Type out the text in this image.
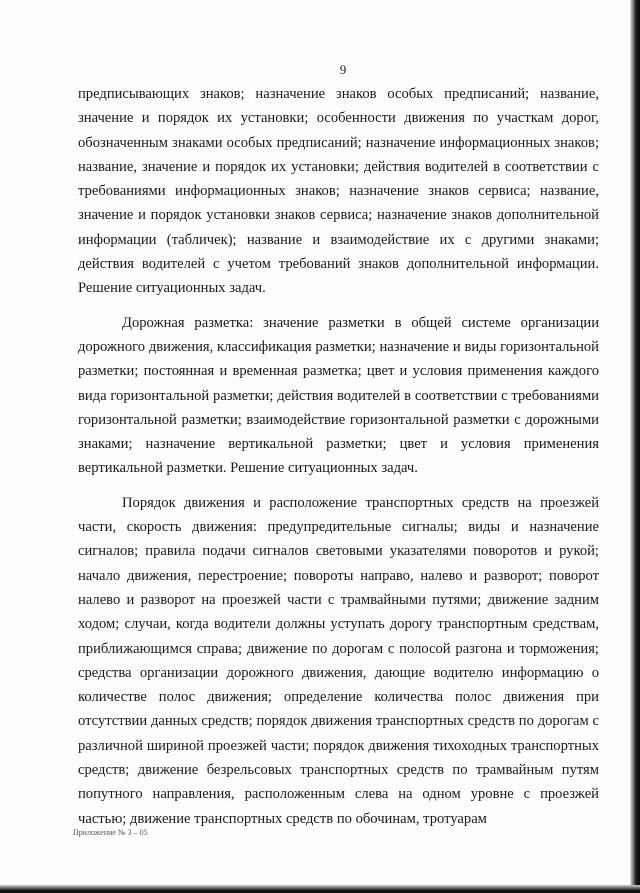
9

предписывающих знаков; назначение знаков особых предписаний; название, значение и порядок их установки; особенности движения по участкам дорог, обозначенным знаками особых предписаний; назначение информационных знаков; название, значение и порядок их установки; действия водителей в соответствии с требованиями информационных знаков; назначение знаков сервиса; название, значение и порядок установки знаков сервиса; назначение знаков дополнительной информации (табличек); название и взаимодействие их с другими знаками; действия водителей с учетом требований знаков дополнительной информации. Решение ситуационных задач.

Дорожная разметка: значение разметки в общей системе организации дорожного движения, классификация разметки; назначение и виды горизонтальной разметки; постоянная и временная разметка; цвет и условия применения каждого вида горизонтальной разметки; действия водителей в соответствии с требованиями горизонтальной разметки; взаимодействие горизонтальной разметки с дорожными знаками; назначение вертикальной разметки; цвет и условия применения вертикальной разметки. Решение ситуационных задач.

Порядок движения и расположение транспортных средств на проезжей части, скорость движения: предупредительные сигналы; виды и назначение сигналов; правила подачи сигналов световыми указателями поворотов и рукой; начало движения, перестроение; повороты направо, налево и разворот; поворот налево и разворот на проезжей части с трамвайными путями; движение задним ходом; случаи, когда водители должны уступать дорогу транспортным средствам, приближающимся справа; движение по дорогам с полосой разгона и торможения; средства организации дорожного движения, дающие водителю информацию о количестве полос движения; определение количества полос движения при отсутствии данных средств; порядок движения транспортных средств по дорогам с различной шириной проезжей части; порядок движения тихоходных транспортных средств; движение безрельсовых транспортных средств по трамвайным путям попутного направления, расположенным слева на одном уровне с проезжей частью; движение транспортных средств по обочинам, тротуарам

Приложение № 3 – 05
